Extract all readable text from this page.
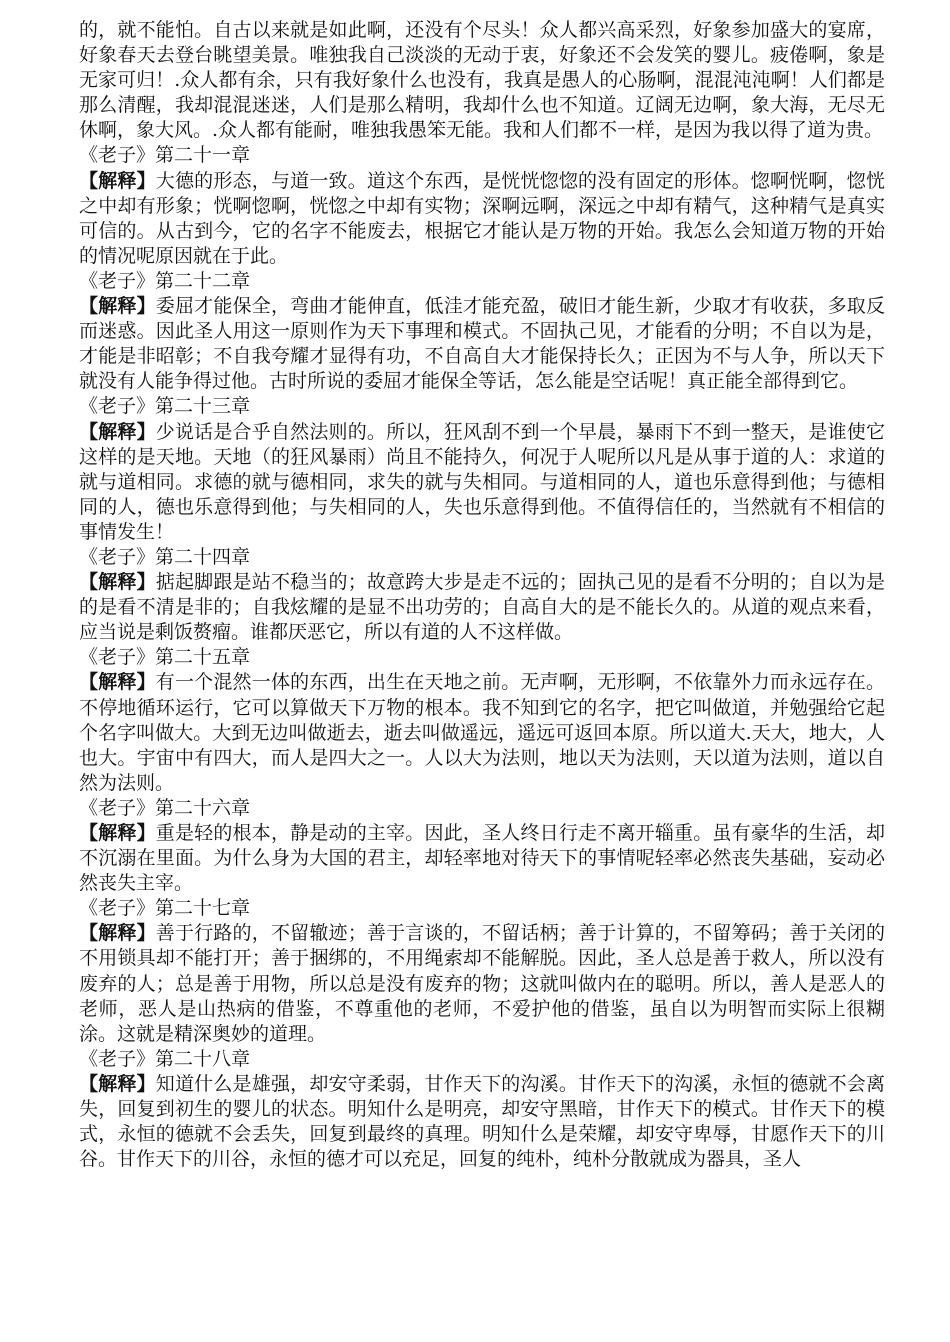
的，就不能怕。自古以来就是如此啊，还没有个尽头！众人都兴高采烈，好象参加盛大的宴席，好象春天去登台眺望美景。唯独我自己淡淡的无动于衷，好象还不会发笑的婴儿。疲倦啊，象是无家可归！.众人都有余，只有我好象什么也没有，我真是愚人的心肠啊，混混沌沌啊！人们都是那么清醒，我却混混迷迷，人们是那么精明，我却什么也不知道。辽阔无边啊，象大海，无尽无休啊，象大风。.众人都有能耐，唯独我愚笨无能。我和人们都不一样，是因为我以得了道为贵。

《老子》第二十一章

【解释】大德的形态，与道一致。道这个东西，是恍恍惚惚的没有固定的形体。惚啊恍啊，惚恍之中却有形象；恍啊惚啊，恍惚之中却有实物；深啊远啊，深远之中却有精气，这种精气是真实可信的。从古到今，它的名字不能废去，根据它才能认是万物的开始。我怎么会知道万物的开始的情况呢原因就在于此。

《老子》第二十二章

【解释】委屈才能保全，弯曲才能伸直，低洼才能充盈，破旧才能生新，少取才有收获，多取反而迷惑。因此圣人用这一原则作为天下事理和模式。不固执己见，才能看的分明；不自以为是，才能是非昭彰；不自我夸耀才显得有功，不自高自大才能保持长久；正因为不与人争，所以天下就没有人能争得过他。古时所说的委屈才能保全等话，怎么能是空话呢！真正能全部得到它。

《老子》第二十三章

【解释】少说话是合乎自然法则的。所以，狂风刮不到一个早晨，暴雨下不到一整天，是谁使它这样的是天地。天地（的狂风暴雨）尚且不能持久，何况于人呢所以凡是从事于道的人：求道的就与道相同。求德的就与德相同，求失的就与失相同。与道相同的人，道也乐意得到他；与德相同的人，德也乐意得到他；与失相同的人，失也乐意得到他。不值得信任的，当然就有不相信的事情发生！

《老子》第二十四章

【解释】掂起脚跟是站不稳当的；故意跨大步是走不远的；固执己见的是看不分明的；自以为是的是看不清是非的；自我炫耀的是显不出功劳的；自高自大的是不能长久的。从道的观点来看，应当说是剩饭赘瘤。谁都厌恶它，所以有道的人不这样做。

《老子》第二十五章

【解释】有一个混然一体的东西，出生在天地之前。无声啊，无形啊，不依靠外力而永远存在。不停地循环运行，它可以算做天下万物的根本。我不知到它的名字，把它叫做道，并勉强给它起个名字叫做大。大到无边叫做逝去，逝去叫做遥远，遥远可返回本原。所以道大.天大，地大，人也大。宇宙中有四大，而人是四大之一。人以大为法则，地以天为法则，天以道为法则，道以自然为法则。

《老子》第二十六章

【解释】重是轻的根本，静是动的主宰。因此，圣人终日行走不离开辎重。虽有豪华的生活，却不沉溺在里面。为什么身为大国的君主，却轻率地对待天下的事情呢轻率必然丧失基础，妄动必然丧失主宰。

《老子》第二十七章

【解释】善于行路的，不留辙迹；善于言谈的，不留话柄；善于计算的，不留筹码；善于关闭的不用锁具却不能打开；善于捆绑的，不用绳索却不能解脱。因此，圣人总是善于救人，所以没有废弃的人；总是善于用物，所以总是没有废弃的物；这就叫做内在的聪明。所以，善人是恶人的老师，恶人是山热病的借鉴，不尊重他的老师，不爱护他的借鉴，虽自以为明智而实际上很糊涂。这就是精深奥妙的道理。

《老子》第二十八章

【解释】知道什么是雄强，却安守柔弱，甘作天下的沟溪。甘作天下的沟溪，永恒的德就不会离失，回复到初生的婴儿的状态。明知什么是明亮，却安守黑暗，甘作天下的模式。甘作天下的模式，永恒的德就不会丢失，回复到最终的真理。明知什么是荣耀，却安守卑辱，甘愿作天下的川谷。甘作天下的川谷，永恒的德才可以充足，回复的纯朴，纯朴分散就成为器具，圣人
